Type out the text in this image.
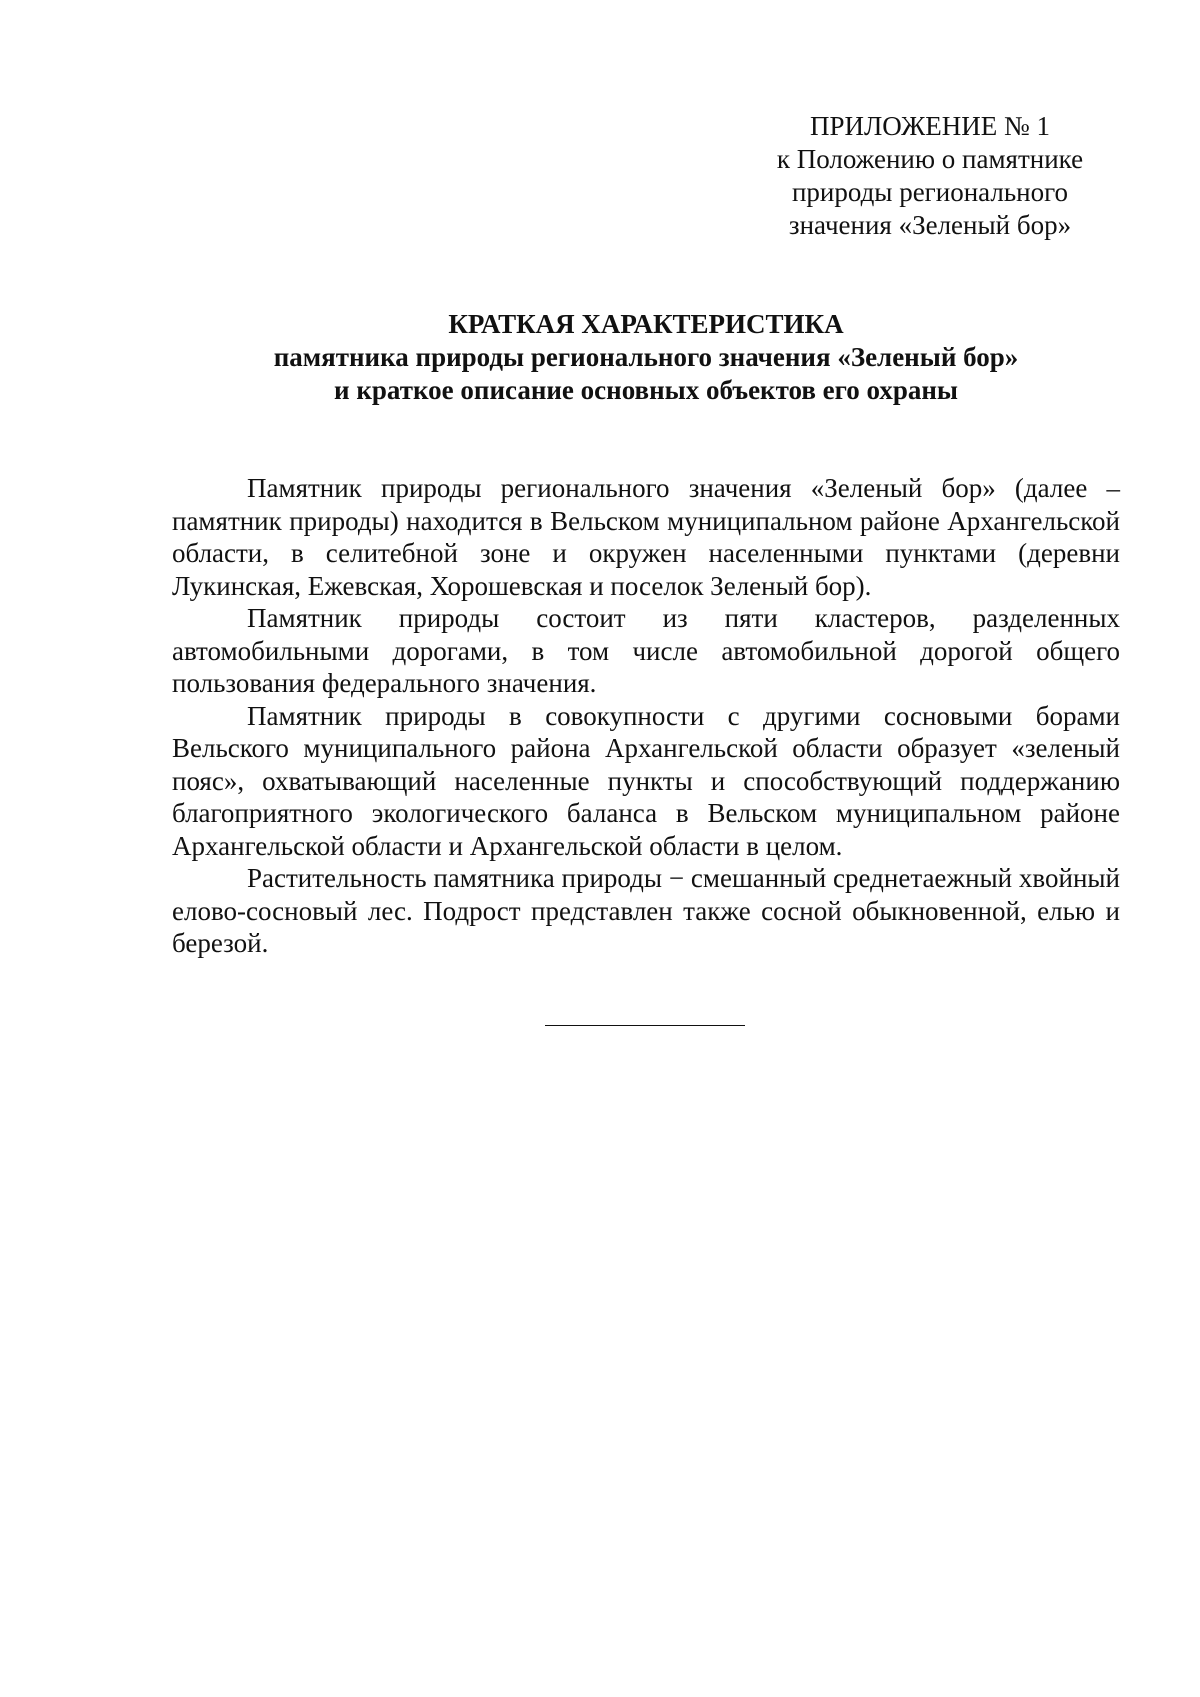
ПРИЛОЖЕНИЕ № 1
к Положению о памятнике
природы регионального
значения «Зеленый бор»
КРАТКАЯ ХАРАКТЕРИСТИКА
памятника природы регионального значения «Зеленый бор»
и краткое описание основных объектов его охраны

Памятник природы регионального значения «Зеленый бор» (далее – памятник природы) находится в Вельском муниципальном районе Архангельской области, в селитебной зоне и окружен населенными пунктами (деревни Лукинская, Ежевская, Хорошевская и поселок Зеленый бор).

Памятник природы состоит из пяти кластеров, разделенных автомобильными дорогами, в том числе автомобильной дорогой общего пользования федерального значения.

Памятник природы в совокупности с другими сосновыми борами Вельского муниципального района Архангельской области образует «зеленый пояс», охватывающий населенные пункты и способствующий поддержанию благоприятного экологического баланса в Вельском муниципальном районе Архангельской области и Архангельской области в целом.

Растительность памятника природы − смешанный среднетаежный хвойный елово-сосновый лес. Подрост представлен также сосной обыкновенной, елью и березой.
